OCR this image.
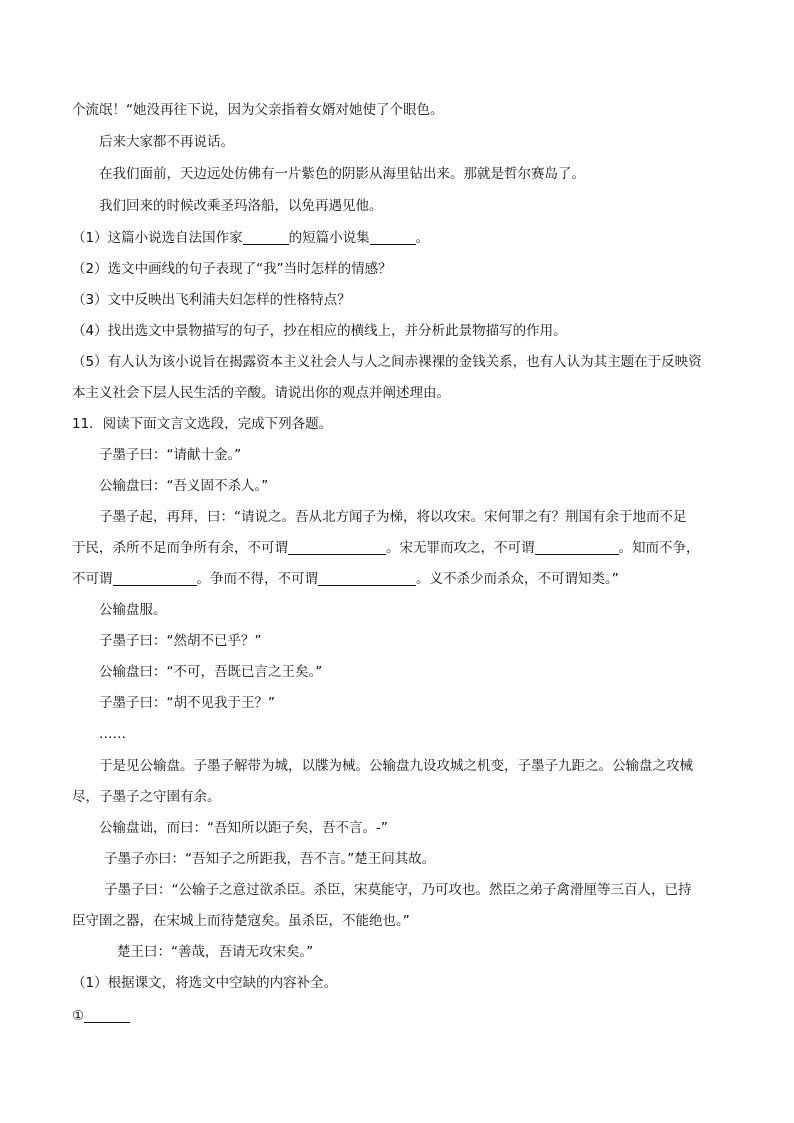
个流氓！“她没再往下说，因为父亲指着女婿对她使了个眼色。
后来大家都不再说话。
在我们面前，天边远处仿佛有一片紫色的阴影从海里钻出来。那就是哲尔赛岛了。
我们回来的时候改乘圣玛洛船，以免再遇见他。
（1）这篇小说选自法国作家	的短篇小说集	。
（2）选文中画线的句子表现了“我”当时怎样的情感？
（3）文中反映出飞利浦夫妇怎样的性格特点？
（4）找出选文中景物描写的句子，抄在相应的横线上，并分析此景物描写的作用。
（5）有人认为该小说旨在揭露资本主义社会人与人之间赤裸裸的金钱关系，也有人认为其主题在于反映资
本主义社会下层人民生活的辛酸。请说出你的观点并阐述理由。
11．阅读下面文言文选段，完成下列各题。
子墨子曰：“请献十金。”
公输盘曰：“吾义固不杀人。”
子墨子起，再拜，曰：“请说之。吾从北方闻子为梯，将以攻宋。宋何罪之有？荆国有余于地而不足
于民，杀所不足而争所有余，不可谓	。宋无罪而攻之，不可谓	。知而不争，
不可谓	。争而不得，不可谓	。义不杀少而杀众，不可谓知类。”
公输盘服。
子墨子曰：“然胡不已乎？”
公输盘曰：“不可，吾既已言之王矣。”
子墨子曰：“胡不见我于王？”
……
于是见公输盘。子墨子解带为城，以牒为械。公输盘九设攻城之机变，子墨子九距之。公输盘之攻械
尽，子墨子之守圉有余。
公输盘诎，而曰：“吾知所以距子矣，吾不言。-”
子墨子亦曰：“吾知子之所距我，吾不言。”楚王问其故。
子墨子曰：“公输子之意过欲杀臣。杀臣，宋莫能守，乃可攻也。然臣之弟子禽滑厘等三百人，已持
臣守圉之器，在宋城上而待楚寇矣。虽杀臣，不能绝也。”
楚王曰：“善哉，吾请无攻宋矣。”
（1）根据课文，将选文中空缺的内容补全。
①
